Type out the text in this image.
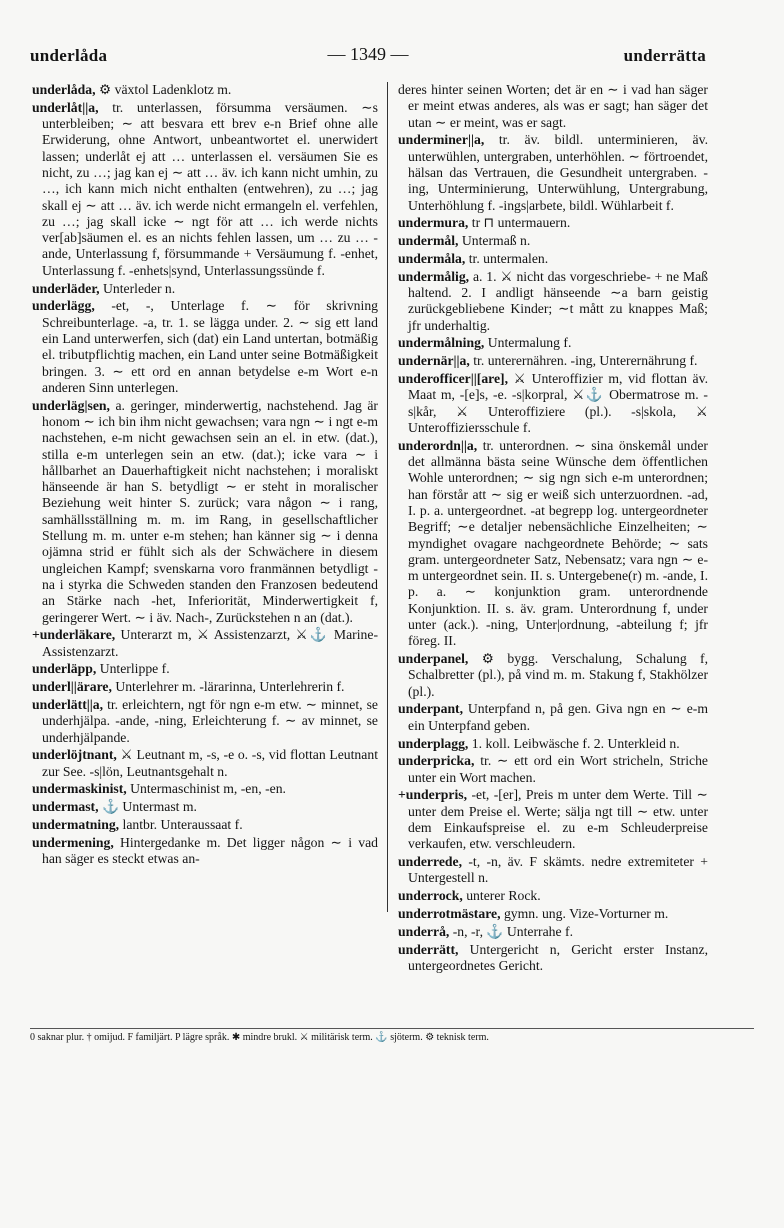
underlåda	— 1349 —	underrätta

underlåda, ⚙ växtol Ladenklotz m.

underlåt||a, tr. unterlassen, försumma versäumen. ∼s unterbleiben; ∼ att besvara ett brev e-n Brief ohne alle Erwiderung, ohne Antwort, unbeantwortet el. unerwidert lassen; underlåt ej att … unterlassen el. versäumen Sie es nicht, zu …; jag kan ej ∼ att … äv. ich kann nicht umhin, zu …, ich kann mich nicht enthalten (entwehren), zu …; jag skall ej ∼ att … äv. ich werde nicht ermangeln el. verfehlen, zu …; jag skall icke ∼ ngt för att … ich werde nichts ver[ab]säumen el. es an nichts fehlen lassen, um … zu … -ande, Unterlassung f, försummande + Versäumung f. -enhet, Unterlassung f. -enhets|synd, Unterlassungssünde f.

underläder, Unterleder n.

underlägg, -et, -, Unterlage f. ∼ för skrivning Schreibunterlage. -a, tr. 1. se lägga under. 2. ∼ sig ett land ein Land unterwerfen, sich (dat) ein Land untertan, botmäßig el. tributpflichtig machen, ein Land unter seine Botmäßigkeit bringen. 3. ∼ ett ord en annan betydelse e-m Wort e-n anderen Sinn unterlegen.

underläg|sen, a. geringer, minderwertig, nachstehend. Jag är honom ∼ ich bin ihm nicht gewachsen; vara ngn ∼ i ngt e-m nachstehen, e-m nicht gewachsen sein an el. in etw. (dat.), stilla e-m unterlegen sein an etw. (dat.); icke vara ∼ i hållbarhet an Dauerhaftigkeit nicht nachstehen; i moraliskt hänseende är han S. betydligt ∼ er steht in moralischer Beziehung weit hinter S. zurück; vara någon ∼ i rang, samhällsställning m. m. im Rang, in gesellschaftlicher Stellung m. m. unter e-m stehen; han känner sig ∼ i denna ojämna strid er fühlt sich als der Schwächere in diesem ungleichen Kampf; svenskarna voro franmännen betydligt -na i styrka die Schweden standen den Franzosen bedeutend an Stärke nach -het, Inferiorität, Minderwertigkeit f, geringerer Wert. ∼ i äv. Nach-, Zurückstehen n an (dat.).

+underläkare, Unterarzt m, ⚔ Assistenzarzt, ⚔⚓ Marine-Assistenzarzt.

underläpp, Unterlippe f.

underl||ärare, Unterlehrer m. -lärarinna, Unterlehrerin f.

underlätt||a, tr. erleichtern, ngt för ngn e-m etw. ∼ minnet, se underhjälpa. -ande, -ning, Erleichterung f. ∼ av minnet, se underhjälpande.

underlöjtnant, ⚔ Leutnant m, -s, -e o. -s, vid flottan Leutnant zur See. -s|lön, Leutnantsgehalt n.

undermaskinist, Untermaschinist m, -en, -en.

undermast, ⚓ Untermast m.

undermatning, lantbr. Unteraussaat f.

undermening, Hintergedanke m. Det ligger någon ∼ i vad han säger es steckt etwas an-

deres hinter seinen Worten; det är en ∼ i vad han säger er meint etwas anderes, als was er sagt; han säger det utan ∼ er meint, was er sagt.

underminer||a, tr. äv. bildl. unterminieren, äv. unterwühlen, untergraben, unterhöhlen. ∼ förtroendet, hälsan das Vertrauen, die Gesundheit untergraben. -ing, Unterminierung, Unterwühlung, Untergrabung, Unterhöhlung f. -ings|arbete, bildl. Wühlarbeit f.

undermura, tr ⊓ untermauern.

undermål, Untermaß n.

undermåla, tr. untermalen.

undermålig, a. 1. ⚔ nicht das vorgeschriebe- + ne Maß haltend. 2. I andligt hänseende ∼a barn geistig zurückgebliebene Kinder; ∼t mått zu knappes Maß; jfr underhaltig.

undermålning, Untermalung f.

undernär||a, tr. unterernähren. -ing, Unterernährung f.

underofficer||[are], ⚔ Unteroffizier m, vid flottan äv. Maat m, -[e]s, -e. -s|korpral, ⚔⚓ Obermatrose m. -s|kår, ⚔ Unteroffiziere (pl.). -s|skola, ⚔ Unteroffiziersschule f.

underordn||a, tr. unterordnen. ∼ sina önskemål under det allmänna bästa seine Wünsche dem öffentlichen Wohle unterordnen; ∼ sig ngn sich e-m unterordnen; han förstår att ∼ sig er weiß sich unterzuordnen. -ad, I. p. a. untergeordnet. -at begrepp log. untergeordneter Begriff; ∼e detaljer nebensächliche Einzelheiten; ∼ myndighet ovagare nachgeordnete Behörde; ∼ sats gram. untergeordneter Satz, Nebensatz; vara ngn ∼ e-m untergeordnet sein. II. s. Untergebene(r) m. -ande, I. p. a. ∼ konjunktion gram. unterordnende Konjunktion. II. s. äv. gram. Unterordnung f, under unter (ack.). -ning, Unter|ordnung, -abteilung f; jfr föreg. II.

underpanel, ⚙ bygg. Verschalung, Schalung f, Schalbretter (pl.), på vind m. m. Stakung f, Stakhölzer (pl.).

underpant, Unterpfand n, på gen. Giva ngn en ∼ e-m ein Unterpfand geben.

underplagg, 1. koll. Leibwäsche f. 2. Unterkleid n.

underpricka, tr. ∼ ett ord ein Wort stricheln, Striche unter ein Wort machen.

+underpris, -et, -[er], Preis m unter dem Werte. Till ∼ unter dem Preise el. Werte; sälja ngt till ∼ etw. unter dem Einkaufspreise el. zu e-m Schleuderpreise verkaufen, etw. verschleudern.

underrede, -t, -n, äv. F skämts. nedre extremiteter + Untergestell n.

underrock, unterer Rock.

underrotmästare, gymn. ung. Vize-Vorturner m.

underrå, -n, -r, ⚓ Unterrahe f.

underrätt, Untergericht n, Gericht erster Instanz, untergeordnetes Gericht.

0 saknar plur. † omijud. F familjärt. P lägre språk. ✱ mindre brukl. ⚔ militärisk term. ⚓ sjöterm. ⚙ teknisk term.
